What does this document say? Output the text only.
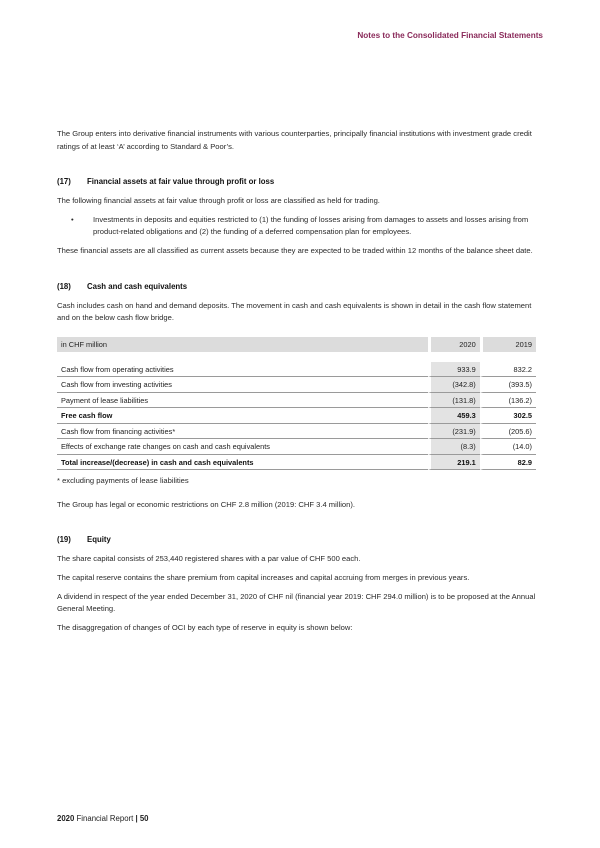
Notes to the Consolidated Financial Statements

The Group enters into derivative financial instruments with various counterparties, principally financial institutions with investment grade credit ratings of at least ‘A’ according to Standard & Poor’s.

(17)	Financial assets at fair value through profit or loss

The following financial assets at fair value through profit or loss are classified as held for trading.

•	Investments in deposits and equities restricted to (1) the funding of losses arising from damages to assets and losses arising from product-related obligations and (2) the funding of a deferred compensation plan for employees.

These financial assets are all classified as current assets because they are expected to be traded within 12 months of the balance sheet date.

(18)	Cash and cash equivalents

Cash includes cash on hand and demand deposits. The movement in cash and cash equivalents is shown in detail in the cash flow statement and on the below cash flow bridge.

in CHF million	2020	2019

Cash flow from operating activities	933.9	832.2
Cash flow from investing activities	(342.8)	(393.5)
Payment of lease liabilities	(131.8)	(136.2)
Free cash flow	459.3	302.5
Cash flow from financing activities*	(231.9)	(205.6)
Effects of exchange rate changes on cash and cash equivalents	(8.3)	(14.0)
Total increase/(decrease) in cash and cash equivalents	219.1	82.9

* excluding payments of lease liabilities

The Group has legal or economic restrictions on CHF 2.8 million (2019: CHF 3.4 million).

(19)	Equity

The share capital consists of 253,440 registered shares with a par value of CHF 500 each.

The capital reserve contains the share premium from capital increases and capital accruing from merges in previous years.

A dividend in respect of the year ended December 31, 2020 of CHF nil (financial year 2019: CHF 294.0 million) is to be proposed at the Annual General Meeting.

The disaggregation of changes of OCI by each type of reserve in equity is shown below:

2020 Financial Report | 50
